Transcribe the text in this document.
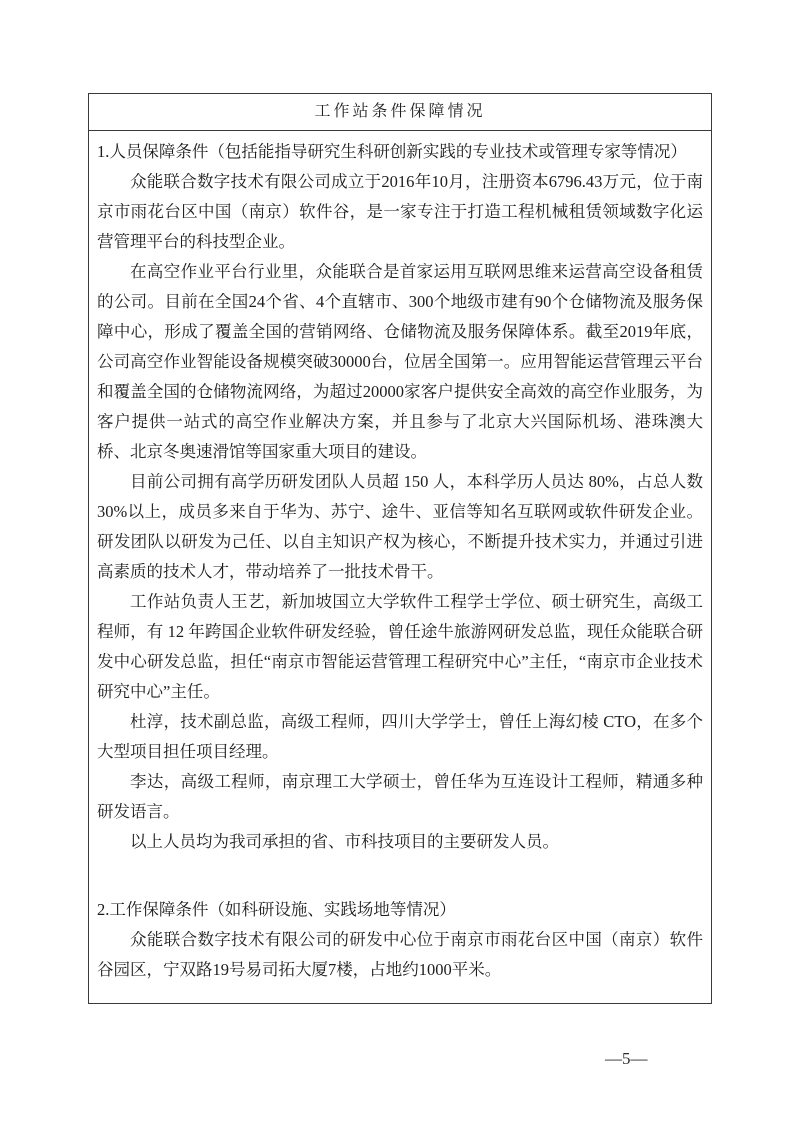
工作站条件保障情况

1.人员保障条件（包括能指导研究生科研创新实践的专业技术或管理专家等情况）

众能联合数字技术有限公司成立于2016年10月，注册资本6796.43万元，位于南京市雨花台区中国（南京）软件谷，是一家专注于打造工程机械租赁领域数字化运营管理平台的科技型企业。

在高空作业平台行业里，众能联合是首家运用互联网思维来运营高空设备租赁的公司。目前在全国24个省、4个直辖市、300个地级市建有90个仓储物流及服务保障中心，形成了覆盖全国的营销网络、仓储物流及服务保障体系。截至2019年底，公司高空作业智能设备规模突破30000台，位居全国第一。应用智能运营管理云平台和覆盖全国的仓储物流网络，为超过20000家客户提供安全高效的高空作业服务，为客户提供一站式的高空作业解决方案，并且参与了北京大兴国际机场、港珠澳大桥、北京冬奥速滑馆等国家重大项目的建设。

目前公司拥有高学历研发团队人员超 150 人，本科学历人员达 80%，占总人数 30%以上，成员多来自于华为、苏宁、途牛、亚信等知名互联网或软件研发企业。研发团队以研发为己任、以自主知识产权为核心，不断提升技术实力，并通过引进高素质的技术人才，带动培养了一批技术骨干。

工作站负责人王艺，新加坡国立大学软件工程学士学位、硕士研究生，高级工程师，有 12 年跨国企业软件研发经验，曾任途牛旅游网研发总监，现任众能联合研发中心研发总监，担任“南京市智能运营管理工程研究中心”主任，“南京市企业技术研究中心”主任。

杜淳，技术副总监，高级工程师，四川大学学士，曾任上海幻棱 CTO，在多个大型项目担任项目经理。

李达，高级工程师，南京理工大学硕士，曾任华为互连设计工程师，精通多种研发语言。

以上人员均为我司承担的省、市科技项目的主要研发人员。

2.工作保障条件（如科研设施、实践场地等情况）

众能联合数字技术有限公司的研发中心位于南京市雨花台区中国（南京）软件谷园区，宁双路19号易司拓大厦7楼，占地约1000平米。

—5—
